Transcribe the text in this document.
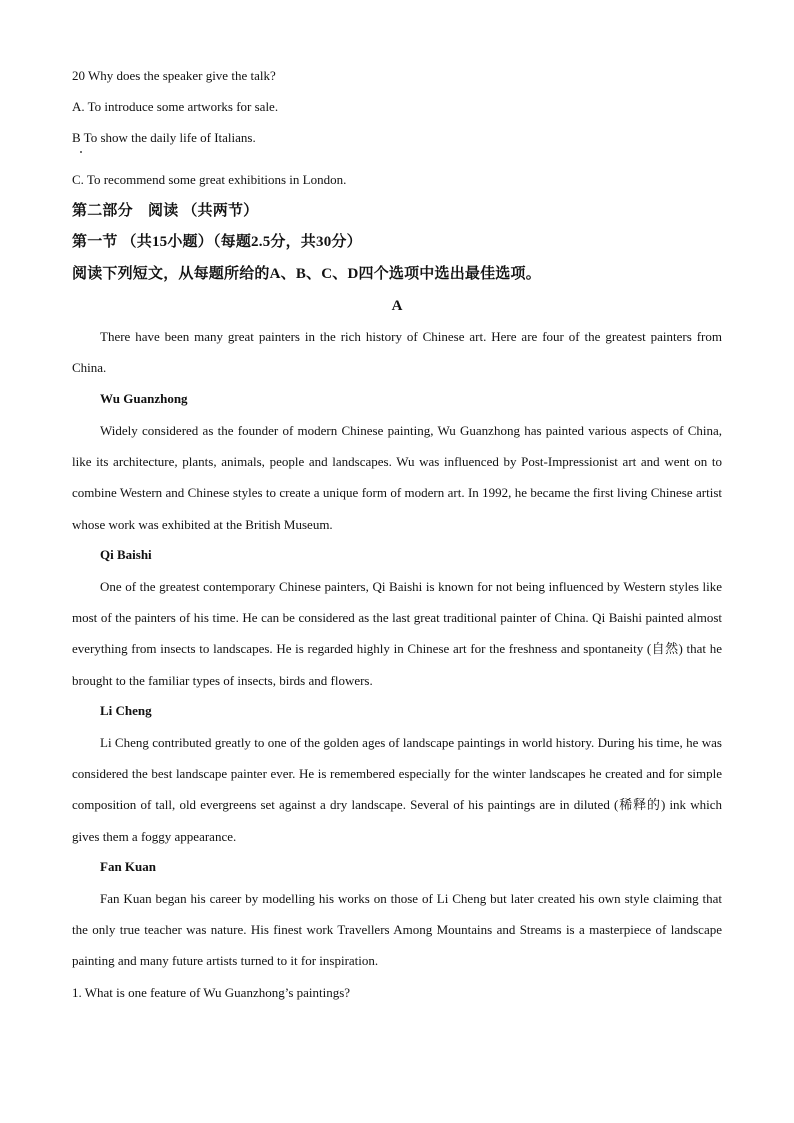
20 Why does the speaker give the talk?
A. To introduce some artworks for sale.
B To show the daily life of Italians.
C. To recommend some great exhibitions in London.
第二部分　阅读 （共两节）
第一节 （共15小题）（每题2.5分，共30分）
阅读下列短文，从每题所给的A、B、C、D四个选项中选出最佳选项。
A

There have been many great painters in the rich history of Chinese art. Here are four of the greatest painters from China.

Wu Guanzhong

Widely considered as the founder of modern Chinese painting, Wu Guanzhong has painted various aspects of China, like its architecture, plants, animals, people and landscapes. Wu was influenced by Post-Impressionist art and went on to combine Western and Chinese styles to create a unique form of modern art. In 1992, he became the first living Chinese artist whose work was exhibited at the British Museum.

Qi Baishi

One of the greatest contemporary Chinese painters, Qi Baishi is known for not being influenced by Western styles like most of the painters of his time. He can be considered as the last great traditional painter of China. Qi Baishi painted almost everything from insects to landscapes. He is regarded highly in Chinese art for the freshness and spontaneity (自然) that he brought to the familiar types of insects, birds and flowers.

Li Cheng

Li Cheng contributed greatly to one of the golden ages of landscape paintings in world history. During his time, he was considered the best landscape painter ever. He is remembered especially for the winter landscapes he created and for simple composition of tall, old evergreens set against a dry landscape. Several of his paintings are in diluted (稀释的) ink which gives them a foggy appearance.

Fan Kuan

Fan Kuan began his career by modelling his works on those of Li Cheng but later created his own style claiming that the only true teacher was nature. His finest work Travellers Among Mountains and Streams is a masterpiece of landscape painting and many future artists turned to it for inspiration.

1. What is one feature of Wu Guanzhong’s paintings?
